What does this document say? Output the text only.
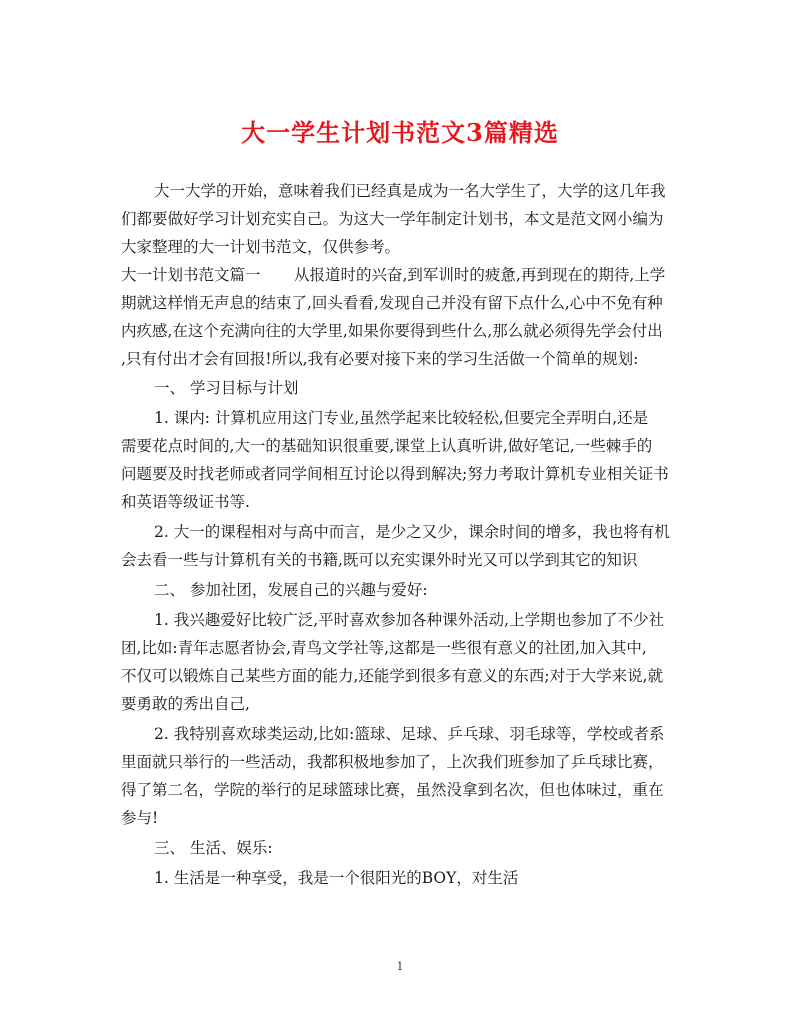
大一学生计划书范文3篇精选
大一大学的开始，意味着我们已经真是成为一名大学生了，大学的这几年我
们都要做好学习计划充实自己。为这大一学年制定计划书，本文是范文网小编为
大家整理的大一计划书范文，仅供参考。
大一计划书范文篇一 从报道时的兴奋,到军训时的疲惫,再到现在的期待,上学
期就这样悄无声息的结束了,回头看看,发现自己并没有留下点什么,心中不免有种
内疚感,在这个充满向往的大学里,如果你要得到些什么,那么就必须得先学会付出
,只有付出才会有回报!所以,我有必要对接下来的学习生活做一个简单的规划:
一、 学习目标与计划
1. 课内: 计算机应用这门专业,虽然学起来比较轻松,但要完全弄明白,还是
需要花点时间的,大一的基础知识很重要,课堂上认真听讲,做好笔记,一些棘手的
问题要及时找老师或者同学间相互讨论以得到解决;努力考取计算机专业相关证书
和英语等级证书等.
2. 大一的课程相对与高中而言，是少之又少，课余时间的增多，我也将有机
会去看一些与计算机有关的书籍,既可以充实课外时光又可以学到其它的知识
二、 参加社团，发展自己的兴趣与爱好:
1. 我兴趣爱好比较广泛,平时喜欢参加各种课外活动,上学期也参加了不少社
团,比如:青年志愿者协会,青鸟文学社等,这都是一些很有意义的社团,加入其中,
不仅可以锻炼自己某些方面的能力,还能学到很多有意义的东西;对于大学来说,就
要勇敢的秀出自己,
2. 我特别喜欢球类运动,比如:篮球、足球、乒乓球、羽毛球等，学校或者系
里面就只举行的一些活动，我都积极地参加了，上次我们班参加了乒乓球比赛，
得了第二名，学院的举行的足球篮球比赛，虽然没拿到名次，但也体味过，重在
参与!
三、 生活、娱乐:
1. 生活是一种享受，我是一个很阳光的BOY，对生活
1
